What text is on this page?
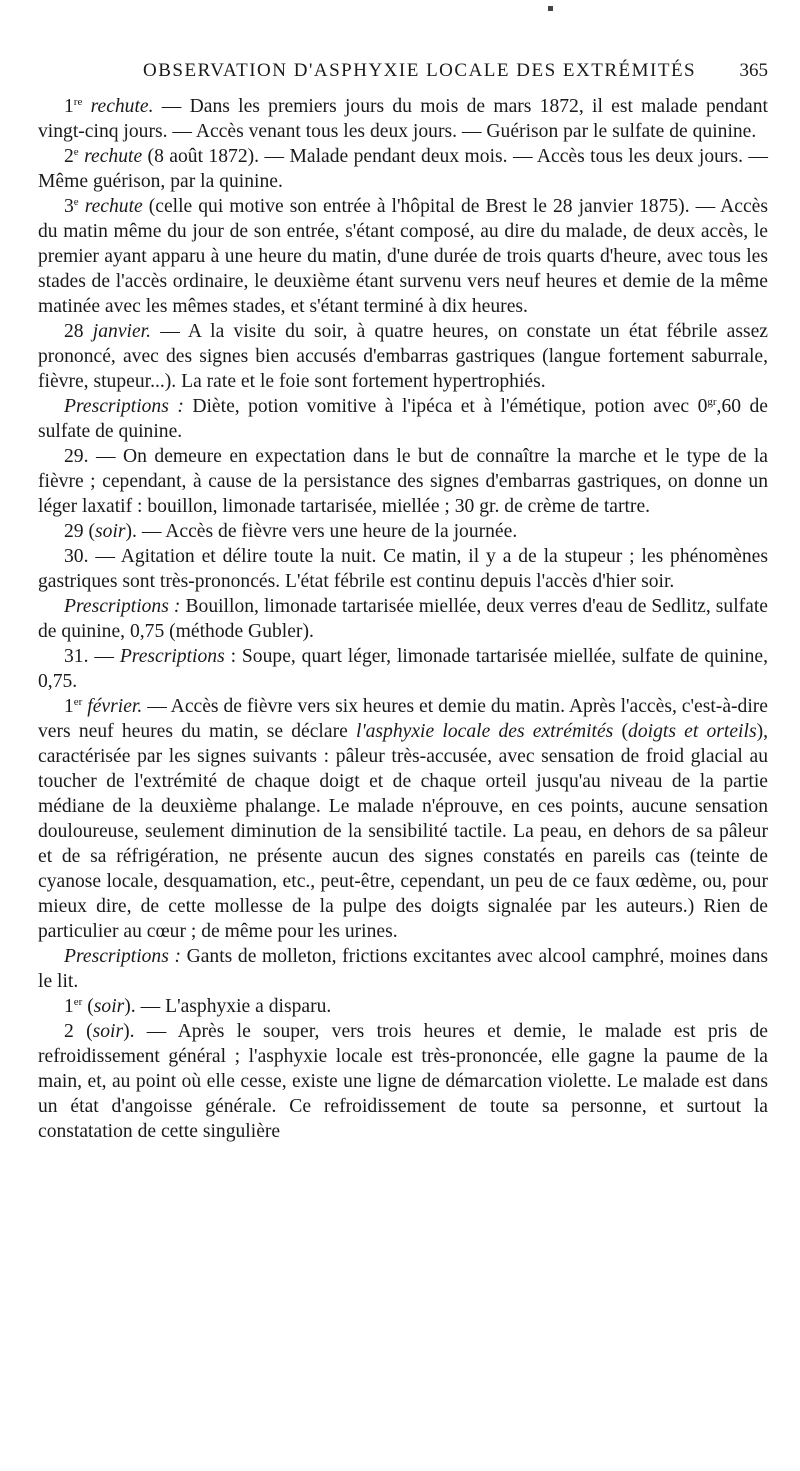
OBSERVATION D'ASPHYXIE LOCALE DES EXTRÉMITÉS 365

1re rechute. — Dans les premiers jours du mois de mars 1872, il est malade pendant vingt-cinq jours. — Accès venant tous les deux jours. — Guérison par le sulfate de quinine.

2e rechute (8 août 1872). — Malade pendant deux mois. — Accès tous les deux jours. — Même guérison, par la quinine.

3e rechute (celle qui motive son entrée à l'hôpital de Brest le 28 janvier 1875). — Accès du matin même du jour de son entrée, s'étant composé, au dire du malade, de deux accès, le premier ayant apparu à une heure du matin, d'une durée de trois quarts d'heure, avec tous les stades de l'accès ordinaire, le deuxième étant survenu vers neuf heures et demie de la même matinée avec les mêmes stades, et s'étant terminé à dix heures.

28 janvier. — A la visite du soir, à quatre heures, on constate un état fébrile assez prononcé, avec des signes bien accusés d'embarras gastriques (langue fortement saburrale, fièvre, stupeur...). La rate et le foie sont fortement hypertrophiés.

Prescriptions : Diète, potion vomitive à l'ipéca et à l'émétique, potion avec $0^{gr},60$ de sulfate de quinine.

29. — On demeure en expectation dans le but de connaître la marche et le type de la fièvre ; cependant, à cause de la persistance des signes d'embarras gastriques, on donne un léger laxatif : bouillon, limonade tartarisée, miellée ; 30 gr. de crème de tartre.

29 (soir). — Accès de fièvre vers une heure de la journée.

30. — Agitation et délire toute la nuit. Ce matin, il y a de la stupeur ; les phénomènes gastriques sont très-prononcés. L'état fébrile est continu depuis l'accès d'hier soir.

Prescriptions : Bouillon, limonade tartarisée miellée, deux verres d'eau de Sedlitz, sulfate de quinine, 0,75 (méthode Gubler).

31. — Prescriptions : Soupe, quart léger, limonade tartarisée miellée, sulfate de quinine, 0,75.

1er février. — Accès de fièvre vers six heures et demie du matin. Après l'accès, c'est-à-dire vers neuf heures du matin, se déclare l'asphyxie locale des extrémités (doigts et orteils), caractérisée par les signes suivants : pâleur très-accusée, avec sensation de froid glacial au toucher de l'extrémité de chaque doigt et de chaque orteil jusqu'au niveau de la partie médiane de la deuxième phalange. Le malade n'éprouve, en ces points, aucune sensation douloureuse, seulement diminution de la sensibilité tactile. La peau, en dehors de sa pâleur et de sa réfrigération, ne présente aucun des signes constatés en pareils cas (teinte de cyanose locale, desquamation, etc., peut-être, cependant, un peu de ce faux œdème, ou, pour mieux dire, de cette mollesse de la pulpe des doigts signalée par les auteurs.) Rien de particulier au cœur ; de même pour les urines.

Prescriptions : Gants de molleton, frictions excitantes avec alcool camphré, moines dans le lit.

1er (soir). — L'asphyxie a disparu.

2 (soir). — Après le souper, vers trois heures et demie, le malade est pris de refroidissement général ; l'asphyxie locale est très-prononcée, elle gagne la paume de la main, et, au point où elle cesse, existe une ligne de démarcation violette. Le malade est dans un état d'angoisse générale. Ce refroidissement de toute sa personne, et surtout la constatation de cette singulière
